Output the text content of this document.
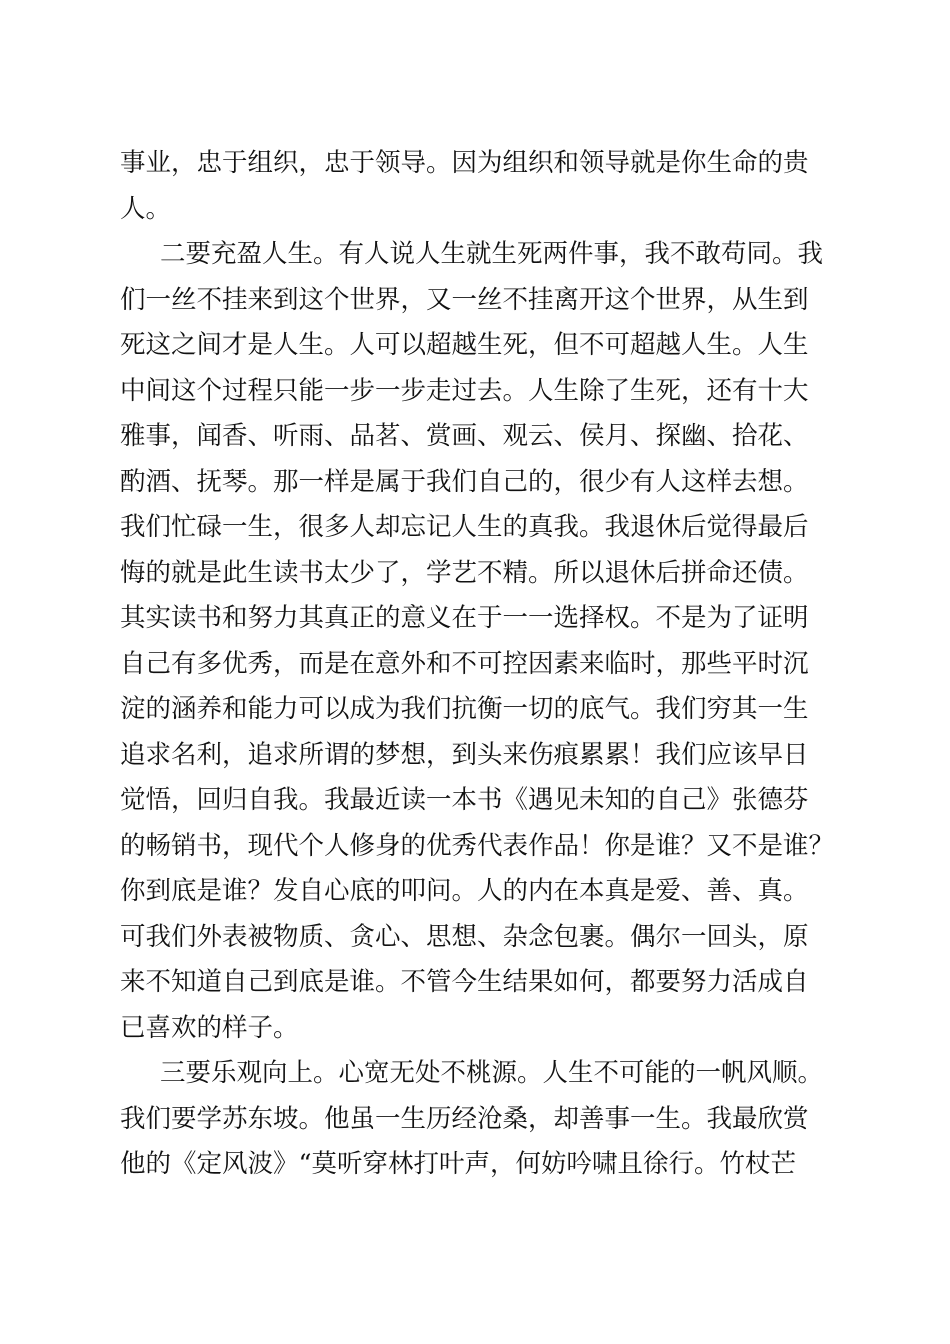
事业，忠于组织，忠于领导。因为组织和领导就是你生命的贵
人。
二要充盈人生。有人说人生就生死两件事，我不敢苟同。我
们一丝不挂来到这个世界，又一丝不挂离开这个世界，从生到
死这之间才是人生。人可以超越生死，但不可超越人生。人生
中间这个过程只能一步一步走过去。人生除了生死，还有十大
雅事，闻香、听雨、品茗、赏画、观云、侯月、探幽、拾花、
酌酒、抚琴。那一样是属于我们自己的，很少有人这样去想。
我们忙碌一生，很多人却忘记人生的真我。我退休后觉得最后
悔的就是此生读书太少了，学艺不精。所以退休后拼命还债。
其实读书和努力其真正的意义在于一一选择权。不是为了证明
自己有多优秀，而是在意外和不可控因素来临时，那些平时沉
淀的涵养和能力可以成为我们抗衡一切的底气。我们穷其一生
追求名利，追求所谓的梦想，到头来伤痕累累！我们应该早日
觉悟，回归自我。我最近读一本书《遇见未知的自己》张德芬
的畅销书，现代个人修身的优秀代表作品！你是谁？又不是谁？
你到底是谁？发自心底的叩问。人的内在本真是爱、善、真。
可我们外表被物质、贪心、思想、杂念包裹。偶尔一回头，原
来不知道自己到底是谁。不管今生结果如何，都要努力活成自
已喜欢的样子。
三要乐观向上。心宽无处不桃源。人生不可能的一帆风顺。
我们要学苏东坡。他虽一生历经沧桑，却善事一生。我最欣赏
他的《定风波》“莫听穿林打叶声，何妨吟啸且徐行。竹杖芒
